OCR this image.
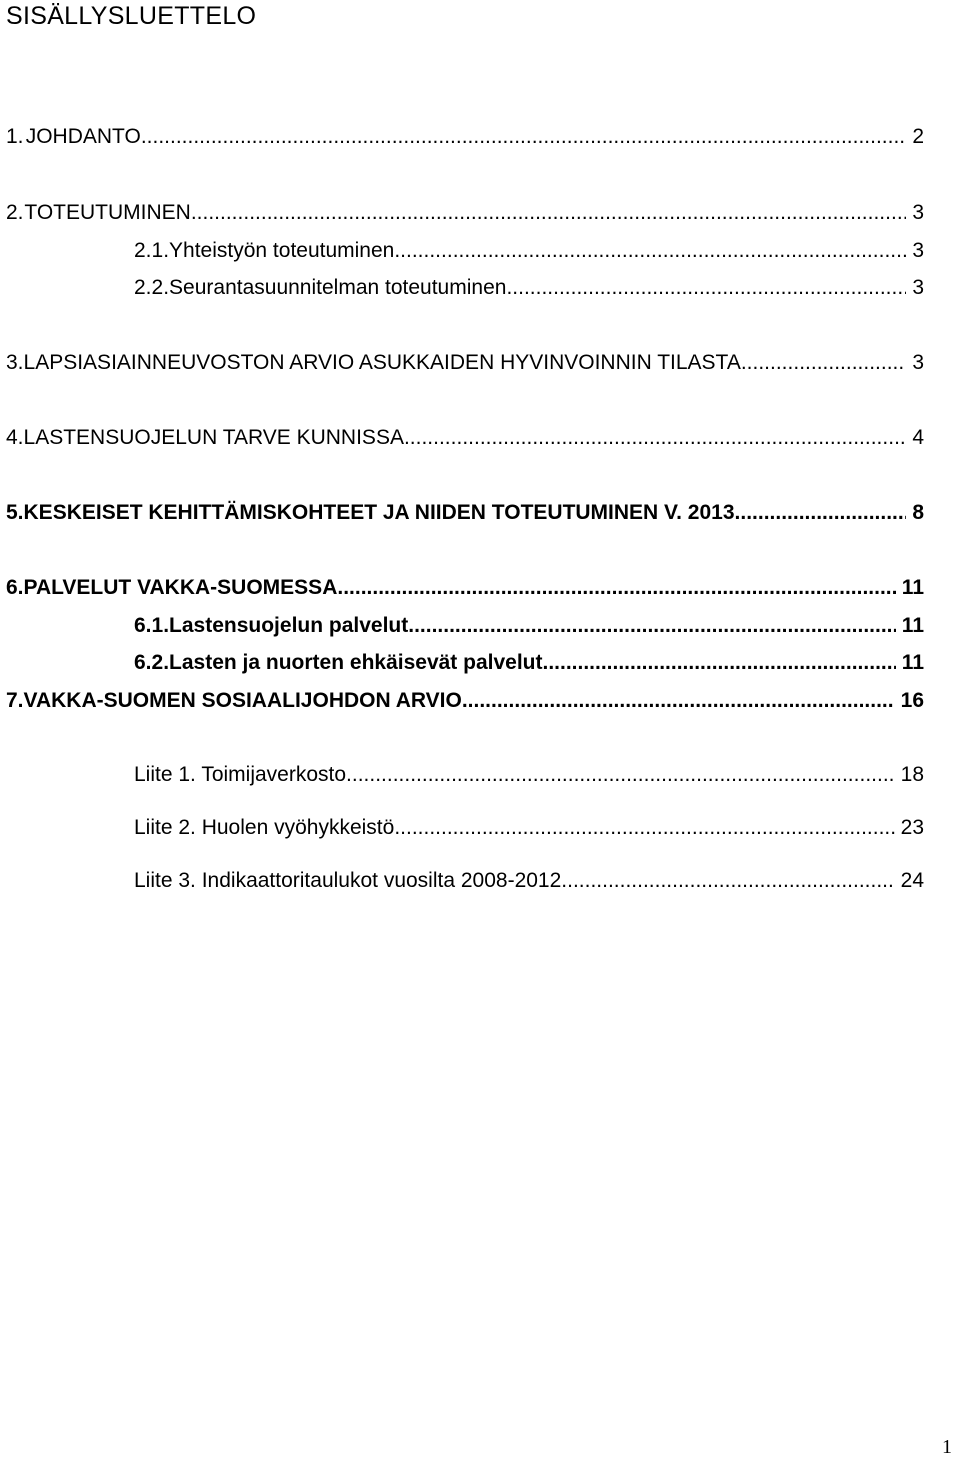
SISÄLLYSLUETTELO
1. JOHDANTO .....	2
2. TOTEUTUMINEN .....	3
2.1. Yhteistyön toteutuminen .....	3
2.2. Seurantasuunnitelman toteutuminen .....	3
3. LAPSIASIAINNEUVOSTON ARVIO ASUKKAIDEN HYVINVOINNIN TILASTA .....	3
4. LASTENSUOJELUN TARVE KUNNISSA .....	4
5. KESKEISET KEHITTÄMISKOHTEET JA NIIDEN TOTEUTUMINEN V. 2013 .....	8
6. PALVELUT VAKKA-SUOMESSA .....	11
6.1. Lastensuojelun palvelut .....	11
6.2. Lasten ja nuorten ehkäisevät palvelut .....	11
7. VAKKA-SUOMEN SOSIAALIJOHDON ARVIO .....	16
Liite 1. Toimijaverkosto .....	18
Liite 2. Huolen vyöhykkeistö .....	23
Liite 3. Indikaattoritaulukot vuosilta 2008-2012 .....	24
1
